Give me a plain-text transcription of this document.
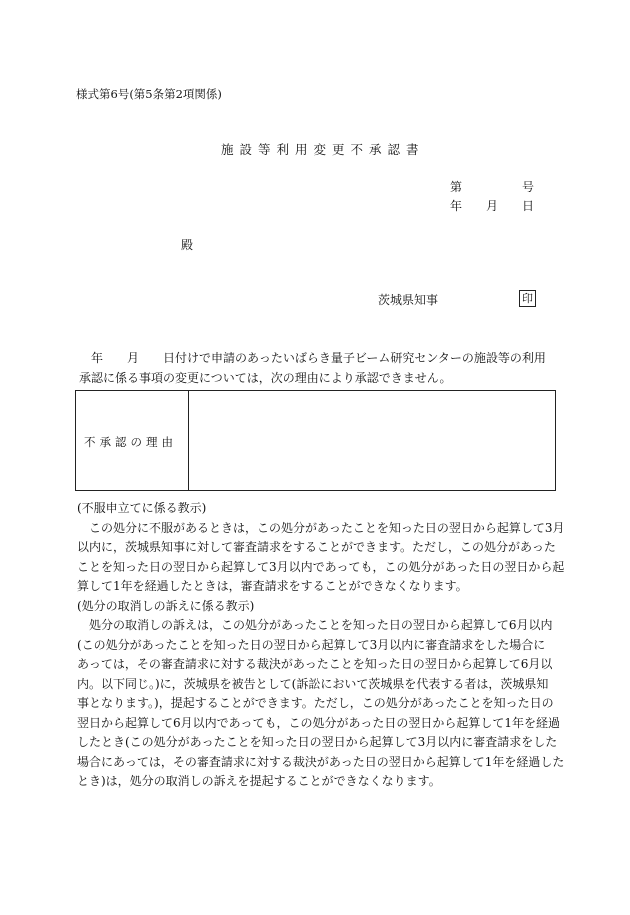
様式第6号(第5条第2項関係)
施設等利用変更不承認書
第	号
年 月 日
殿
茨城県知事	印
　年　　月　　日付けで申請のあったいばらき量子ビーム研究センターの施設等の利用
承認に係る事項の変更については，次の理由により承認できません。
不承認の理由
(不服申立てに係る教示)
　この処分に不服があるときは，この処分があったことを知った日の翌日から起算して3月
以内に，茨城県知事に対して審査請求をすることができます。ただし，この処分があった
ことを知った日の翌日から起算して3月以内であっても，この処分があった日の翌日から起
算して1年を経過したときは，審査請求をすることができなくなります。
(処分の取消しの訴えに係る教示)
　処分の取消しの訴えは，この処分があったことを知った日の翌日から起算して6月以内
(この処分があったことを知った日の翌日から起算して3月以内に審査請求をした場合に
あっては，その審査請求に対する裁決があったことを知った日の翌日から起算して6月以
内。以下同じ。)に，茨城県を被告として(訴訟において茨城県を代表する者は，茨城県知
事となります。)，提起することができます。ただし，この処分があったことを知った日の
翌日から起算して6月以内であっても，この処分があった日の翌日から起算して1年を経過
したとき(この処分があったことを知った日の翌日から起算して3月以内に審査請求をした
場合にあっては，その審査請求に対する裁決があった日の翌日から起算して1年を経過した
とき)は，処分の取消しの訴えを提起することができなくなります。
